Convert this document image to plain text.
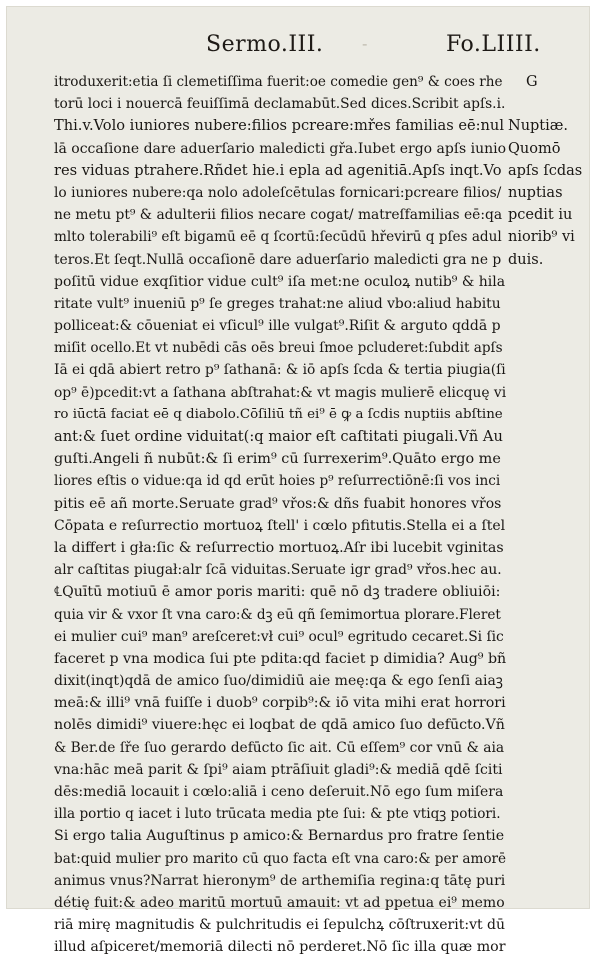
Sermo.III. -	Fo.LIIII.
itroduxerit:etia ſi clemetiſſima fuerit:oe comedie gen⁹ & coes rhe
torū loci i nouercā feuiſſimā declamabūt.Sed dices.Scribit apſs.i.
Thi.v.Volo iuniores nubere:filios pcreare:mřes familias eē:nul
lā occaſione dare aduerſario maledicti gřa.Iubet ergo apſs iunio
res viduas ptrahere.Rñdet hie.i epla ad agenitiā.Apſs inqt.Vo
lo iuniores nubere:qa nolo adoleſcētulas fornicari:pcreare filios/
ne metu pt⁹ & adulterii filios necare cogat/ matreſfamilias eē:qa
mlto tolerabili⁹ eſt bigamū eē q ſcortū:ſecūdū hřevirū q pſes adul
teros.Et ſeqt.Nullā occaſionē dare aduerſario maledicti gra ne p
poſitū vidue exqſitior vidue cult⁹ iſa met:ne oculoꝝ nutib⁹ & hila
ritate vult⁹ inueniū p⁹ ſe greges trahat:ne aliud vbo:aliud habitu
polliceat:& cōueniat ei vſicul⁹ ille vulgat⁹.Riſit & arguto qddā p
miſit ocello.Et vt nubēdi cās oēs breui ſmoe pcluderet:ſubdit apſs
Iā ei qdā abiert retro p⁹ ſathanā: & iō apſs ſcda & tertia piugia(ſi
op⁹ ē)pcedit:vt a ſathana abſtrahat:& vt magis mulierē elicquę vi
ro iūctā faciat eē q diabolo.Cōſiliū tñ ei⁹ ē ꝙ a ſcdis nuptiis abſtine
ant:& ſuet ordine viduitat(:q maior eſt caſtitati piugali.Vñ Au
guſti.Angeli ñ nubūt:& ſi erim⁹ cū ſurrexerim⁹.Quāto ergo me
liores eſtis o vidue:qa id qd erūt hoies p⁹ reſurrectiōnē:ſi vos inci
pitis eē añ morte.Seruate grad⁹ vřos:& dñs fuabit honores vřos
Cōpata e reſurrectio mortuoꝝ ſtell' i cœlo pfitutis.Stella ei a ſtel
la differt i gła:ſic & reſurrectio mortuoꝝ.Aſr ibi lucebit vginitas
alr caſtitas piugał:alr ſcā viduitas.Seruate igr grad⁹ vřos.hec au.
℄Quītū motiuū ē amor poris mariti: quē nō dꝫ tradere obliuiōi:
quia vir & vxor ſt vna caro:& dꝫ eū qñ ſemimortua plorare.Fleret
ei mulier cui⁹ man⁹ areſceret:vł cui⁹ ocul⁹ egritudo cecaret.Si ſic
faceret p vna modica ſui pte pdita:qd faciet p dimidia? Aug⁹ bñ
dixit(inqt)qdā de amico ſuo/dimidiū aie meę:qa & ego ſenſi aiaꝫ
meā:& illi⁹ vnā fuiſſe i duob⁹ corpib⁹:& iō vita mihi erat horrori
nolēs dimidi⁹ viuere:hęc ei loqbat de qdā amico ſuo defūcto.Vñ
& Ber.de ſře ſuo gerardo defūcto ſic ait. Cū eſſem⁹ cor vnū & aia
vna:hāc meā parit & ſpi⁹ aiam ptrāſiuit gladi⁹:& mediā qdē ſciti
dēs:mediā locauit i cœlo:aliā i ceno deſeruit.Nō ego ſum miſera
illa portio q iacet i luto trūcata media pte ſui: & pte vtiqꝫ potiori.
Si ergo talia Auguſtinus p amico:& Bernardus pro fratre ſentie
bat:quid mulier pro marito cū quo facta eſt vna caro:& per amorē
animus vnus?Narrat hieronym⁹ de arthemiſia regina:q tātę puri
détię fuit:& adeo maritū mortuū amauit: vt ad ppetua ei⁹ memo
riā mirę magnitudis & pulchritudis ei ſepulchꝝ cōſtruxerit:vt dū
illud aſpiceret/memoriā dilecti nō perderet.Nō ſic illa quæ mor
G
Nuptiæ.
Quomō
apſs ſcdas
nuptias
pcedit iu
niorib⁹ vi
duis.
